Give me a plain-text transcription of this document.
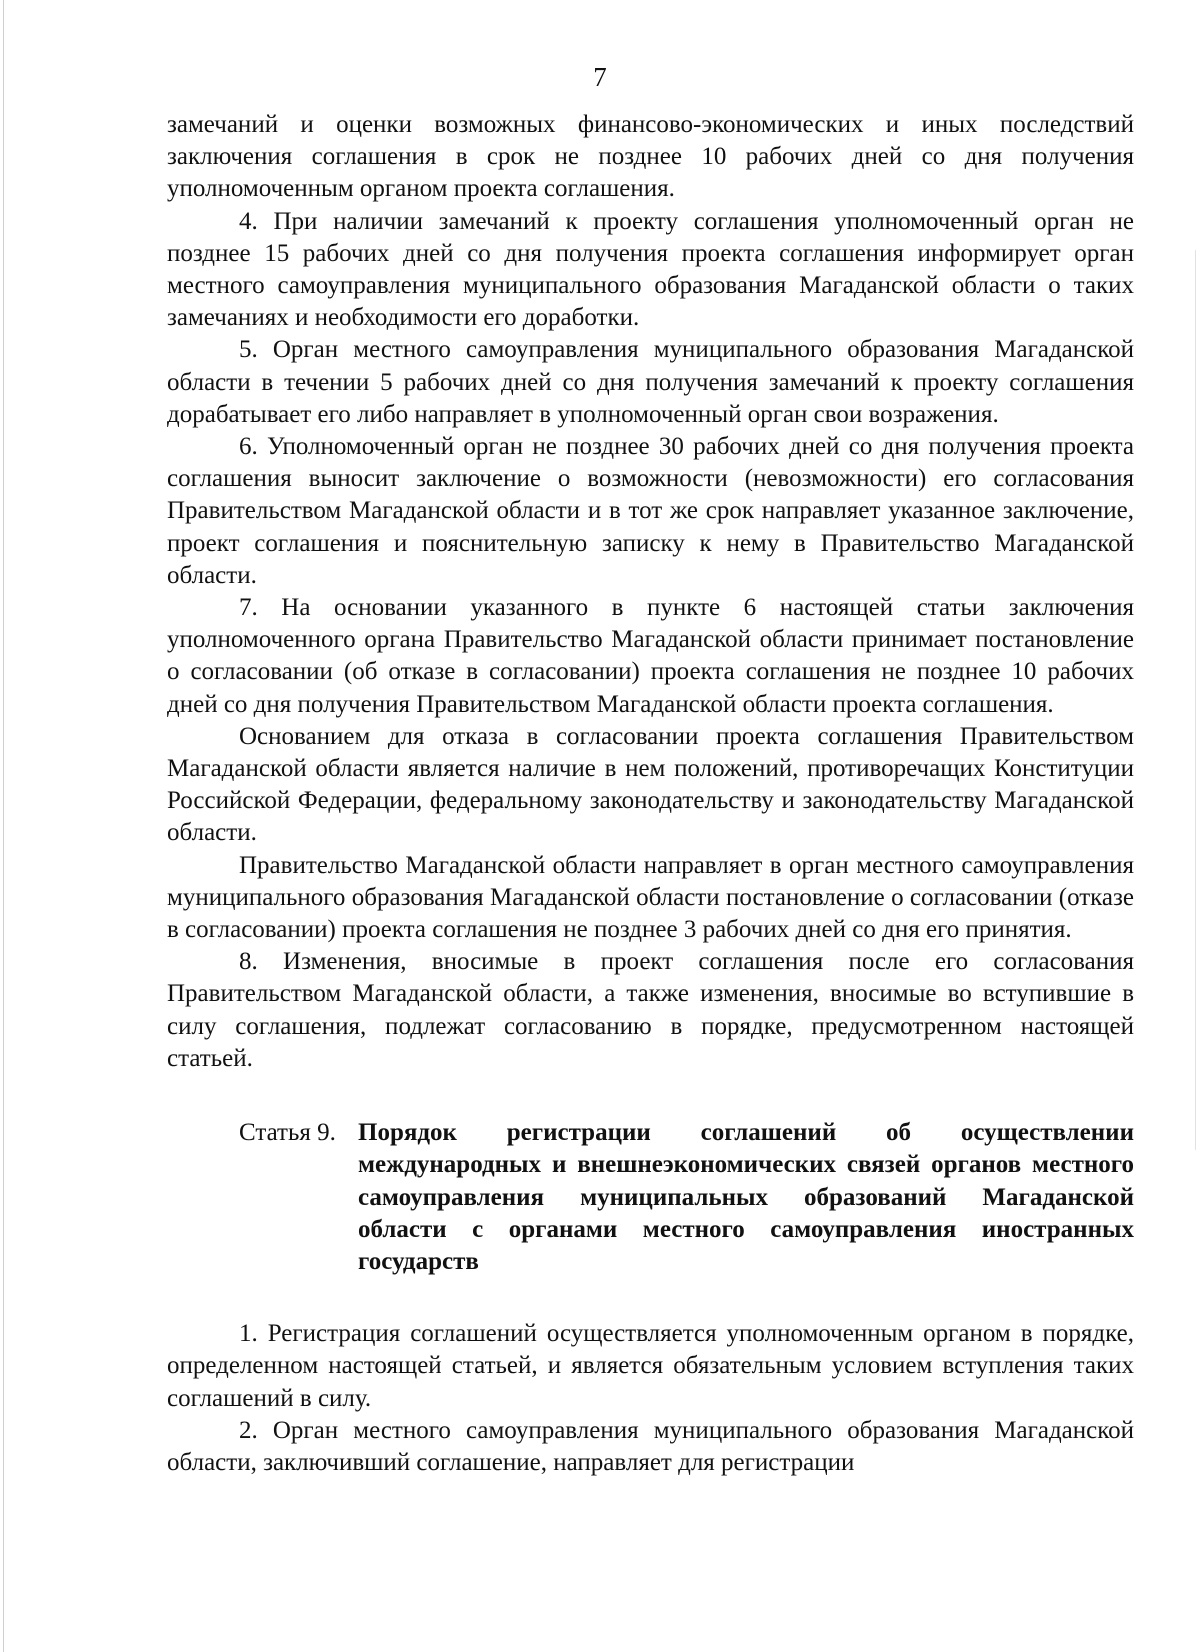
7

замечаний и оценки возможных финансово-экономических и иных последствий заключения соглашения в срок не позднее 10 рабочих дней со дня получения уполномоченным органом проекта соглашения.

4. При наличии замечаний к проекту соглашения уполномоченный орган не позднее 15 рабочих дней со дня получения проекта соглашения информирует орган местного самоуправления муниципального образования Магаданской области о таких замечаниях и необходимости его доработки.

5. Орган местного самоуправления муниципального образования Магаданской области в течении 5 рабочих дней со дня получения замечаний к проекту соглашения дорабатывает его либо направляет в уполномоченный орган свои возражения.

6. Уполномоченный орган не позднее 30 рабочих дней со дня получения проекта соглашения выносит заключение о возможности (невозможности) его согласования Правительством Магаданской области и в тот же срок направляет указанное заключение, проект соглашения и пояснительную записку к нему в Правительство Магаданской области.

7. На основании указанного в пункте 6 настоящей статьи заключения уполномоченного органа Правительство Магаданской области принимает постановление о согласовании (об отказе в согласовании) проекта соглашения не позднее 10 рабочих дней со дня получения Правительством Магаданской области проекта соглашения.

Основанием для отказа в согласовании проекта соглашения Правительством Магаданской области является наличие в нем положений, противоречащих Конституции Российской Федерации, федеральному законодательству и законодательству Магаданской области.

Правительство Магаданской области направляет в орган местного самоуправления муниципального образования Магаданской области постановление о согласовании (отказе в согласовании) проекта соглашения не позднее 3 рабочих дней со дня его принятия.

8. Изменения, вносимые в проект соглашения после его согласования Правительством Магаданской области, а также изменения, вносимые во вступившие в силу соглашения, подлежат согласованию в порядке, предусмотренном настоящей статьей.

Статья 9. Порядок регистрации соглашений об осуществлении международных и внешнеэкономических связей органов местного самоуправления муниципальных образований Магаданской области с органами местного самоуправления иностранных государств

1. Регистрация соглашений осуществляется уполномоченным органом в порядке, определенном настоящей статьей, и является обязательным условием вступления таких соглашений в силу.

2. Орган местного самоуправления муниципального образования Магаданской области, заключивший соглашение, направляет для регистрации
